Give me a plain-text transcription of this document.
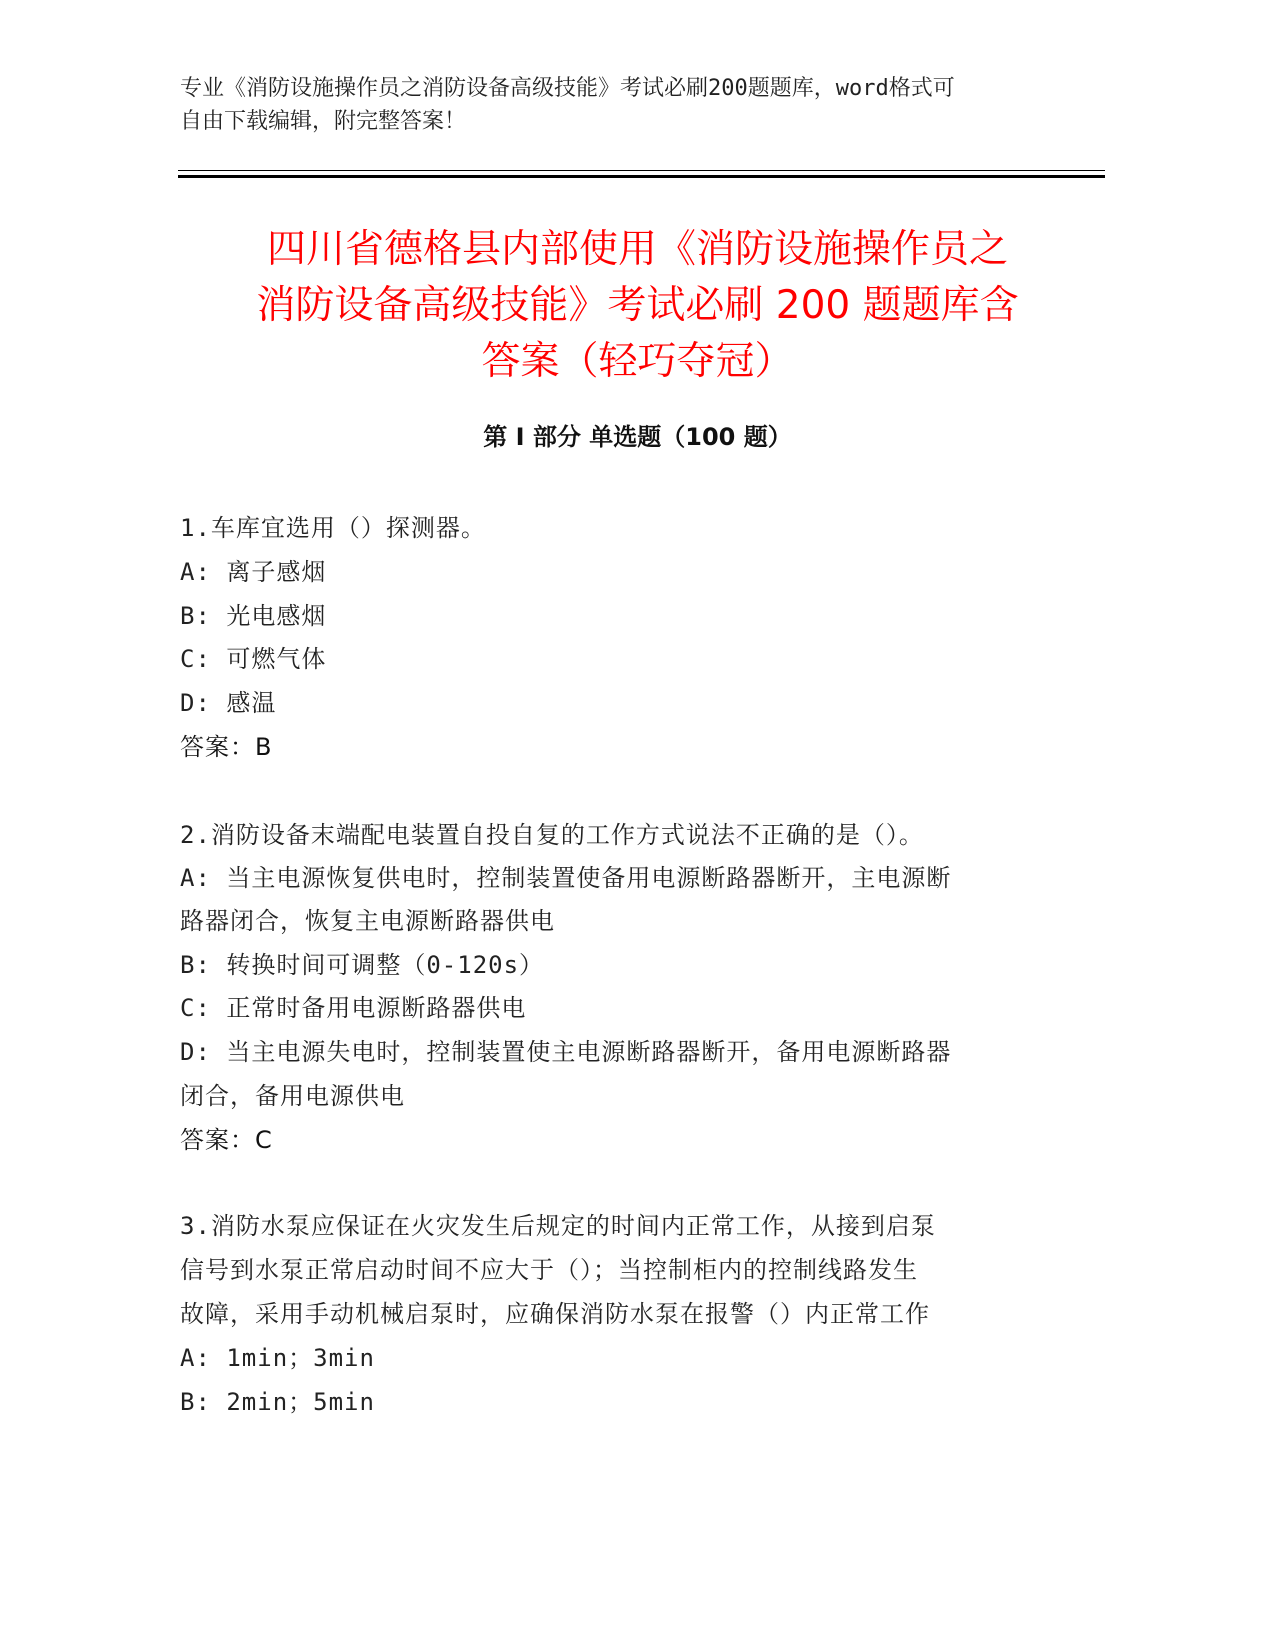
专业《消防设施操作员之消防设备高级技能》考试必刷200题题库，word格式可
自由下载编辑，附完整答案！
四川省德格县内部使用《消防设施操作员之
消防设备高级技能》考试必刷 200 题题库含
答案（轻巧夺冠）
第 I 部分 单选题（100 题）
1.车库宜选用（）探测器。
A: 离子感烟
B: 光电感烟
C: 可燃气体
D: 感温
答案：B
2.消防设备末端配电装置自投自复的工作方式说法不正确的是（）。
A: 当主电源恢复供电时，控制装置使备用电源断路器断开，主电源断
路器闭合，恢复主电源断路器供电
B: 转换时间可调整（0-120s）
C: 正常时备用电源断路器供电
D: 当主电源失电时，控制装置使主电源断路器断开，备用电源断路器
闭合，备用电源供电
答案：C
3.消防水泵应保证在火灾发生后规定的时间内正常工作，从接到启泵
信号到水泵正常启动时间不应大于（）；当控制柜内的控制线路发生
故障，采用手动机械启泵时，应确保消防水泵在报警（）内正常工作
A: 1min；3min
B: 2min；5min
